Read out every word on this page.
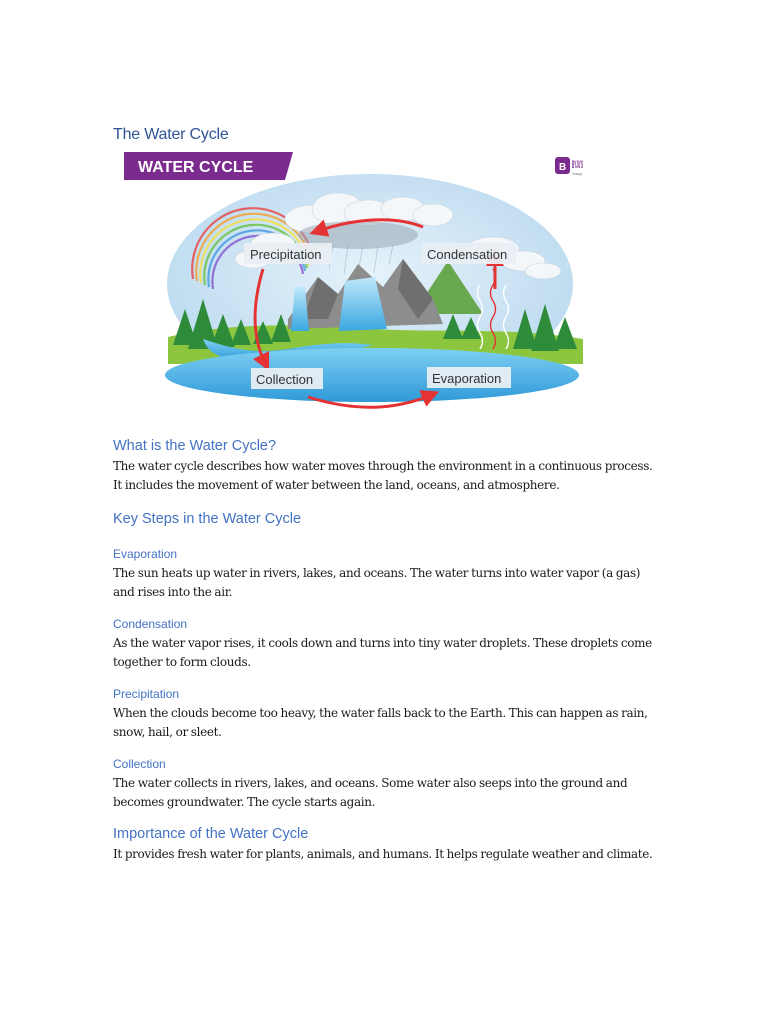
The Water Cycle
WATER CYCLE	B BYJU'S
The Learning App
Precipitation	Condensation
Collection	Evaporation
What is the Water Cycle?

The water cycle describes how water moves through the environment in a continuous process. It includes the movement of water between the land, oceans, and atmosphere.

Key Steps in the Water Cycle
Evaporation

The sun heats up water in rivers, lakes, and oceans. The water turns into water vapor (a gas) and rises into the air.

Condensation

As the water vapor rises, it cools down and turns into tiny water droplets. These droplets come together to form clouds.

Precipitation

When the clouds become too heavy, the water falls back to the Earth. This can happen as rain, snow, hail, or sleet.

Collection

The water collects in rivers, lakes, and oceans. Some water also seeps into the ground and becomes groundwater. The cycle starts again.

Importance of the Water Cycle

It provides fresh water for plants, animals, and humans. It helps regulate weather and climate.
